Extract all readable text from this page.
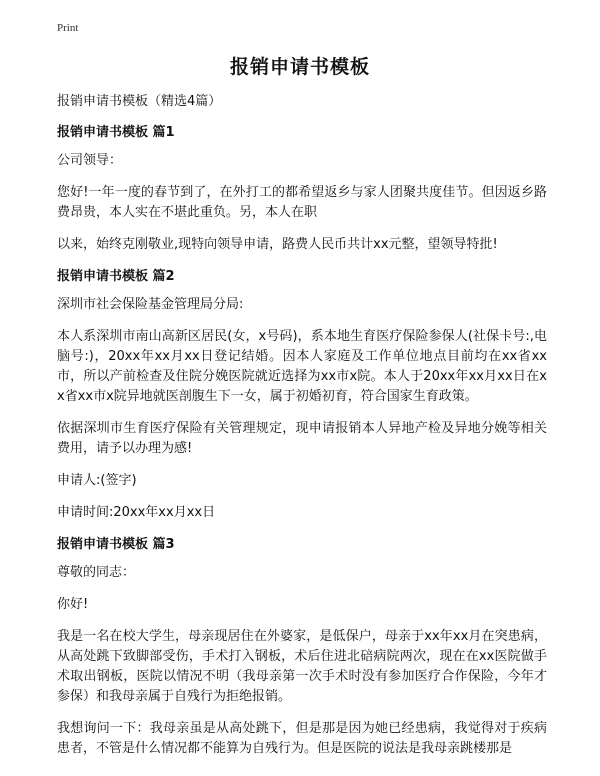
Print
报销申请书模板

报销申请书模板（精选4篇）

报销申请书模板 篇1

公司领导：

您好!一年一度的春节到了，在外打工的都希望返乡与家人团聚共度佳节。但因返乡路费昂贵，本人实在不堪此重负。另，本人在职

以来，始终克刚敬业,现特向领导申请，路费人民币共计xx元整，望领导特批!

报销申请书模板 篇2

深圳市社会保险基金管理局分局:

本人系深圳市南山高新区居民(女，x号码)，系本地生育医疗保险参保人(社保卡号:,电脑号:)，20xx年xx月xx日登记结婚。因本人家庭及工作单位地点目前均在xx省xx市，所以产前检查及住院分娩医院就近选择为xx市x院。本人于20xx年xx月xx日在xx省xx市x院异地就医剖腹生下一女，属于初婚初育，符合国家生育政策。

依据深圳市生育医疗保险有关管理规定，现申请报销本人异地产检及异地分娩等相关费用，请予以办理为感!

申请人:(签字)

申请时间:20xx年xx月xx日

报销申请书模板 篇3

尊敬的同志：

你好!

我是一名在校大学生，母亲现居住在外婆家，是低保户，母亲于xx年xx月在突患病，从高处跳下致脚部受伤，手术打入钢板，术后住进北碚病院两次，现在在xx医院做手术取出钢板，医院以情况不明（我母亲第一次手术时没有参加医疗合作保险，今年才参保）和我母亲属于自残行为拒绝报销。

我想询问一下：我母亲虽是从高处跳下，但是那是因为她已经患病，我觉得对于疾病患者，不管是什么情况都不能算为自残行为。但是医院的说法是我母亲跳楼那是
